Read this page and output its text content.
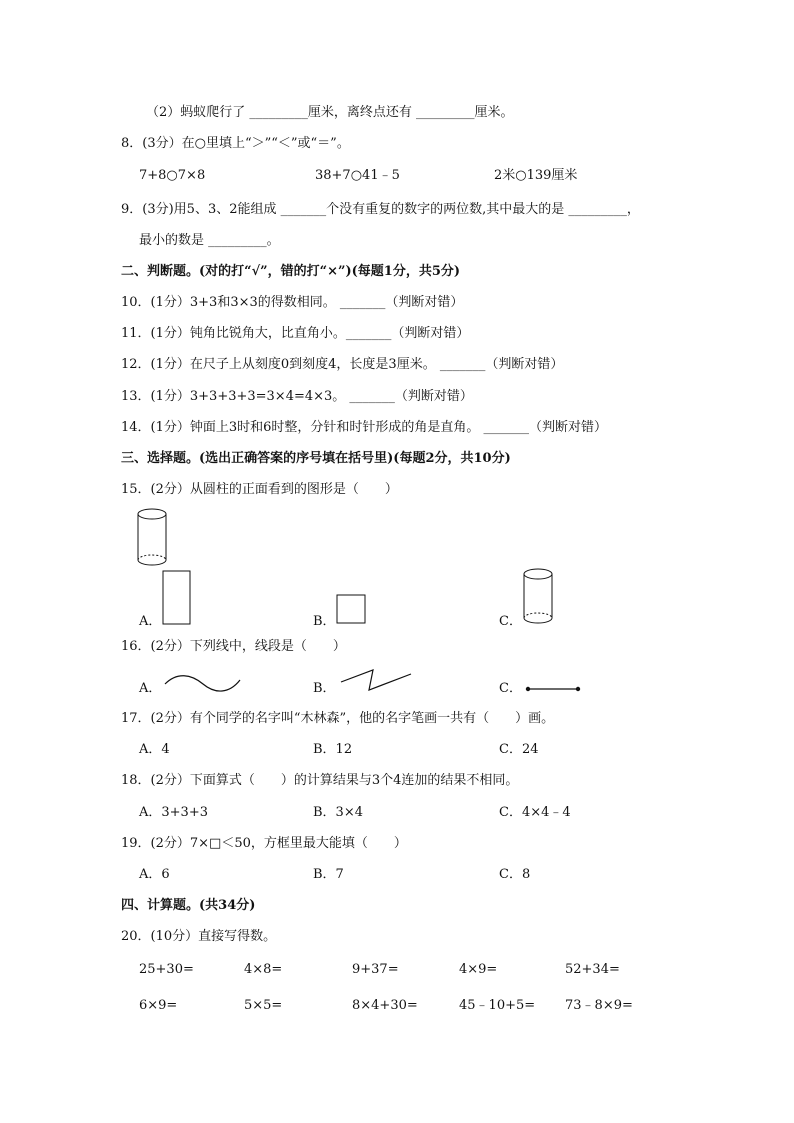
（2）蚂蚁爬行了 _________厘米，离终点还有 _________厘米。
8．(3分）在○里填上“＞”“＜”或“＝”。
7+8○7×8	38+7○41﹣5	2米○139厘米
9．(3分)用5、3、2能组成 _______个没有重复的数字的两位数,其中最大的是 _________，
最小的数是 _________。
二、判断题。(对的打“√”，错的打“×”)(每题1分，共5分)
10．(1分）3+3和3×3的得数相同。 _______（判断对错）
11．(1分）钝角比锐角大，比直角小。_______（判断对错）
12．(1分）在尺子上从刻度0到刻度4，长度是3厘米。 _______（判断对错）
13．(1分）3+3+3+3=3×4=4×3。 _______（判断对错）
14．(1分）钟面上3时和6时整，分针和时针形成的角是直角。 _______（判断对错）
三、选择题。(选出正确答案的序号填在括号里)(每题2分，共10分)
15．(2分）从圆柱的正面看到的图形是（　　）
A．	B．	C．
16．(2分）下列线中，线段是（　　）
A．	B．	C．
17．(2分）有个同学的名字叫“木林森”，他的名字笔画一共有（　　）画。
A．4	B．12	C．24
18．(2分）下面算式（　　）的计算结果与3个4连加的结果不相同。
A．3+3+3	B．3×4	C．4×4﹣4
19．(2分）7×□＜50，方框里最大能填（　　）
A．6	B．7	C．8
四、计算题。(共34分)
20．(10分）直接写得数。
25+30=	4×8=	9+37=	4×9=	52+34=
6×9=	5×5=	8×4+30=	45﹣10+5= 73﹣8×9=
